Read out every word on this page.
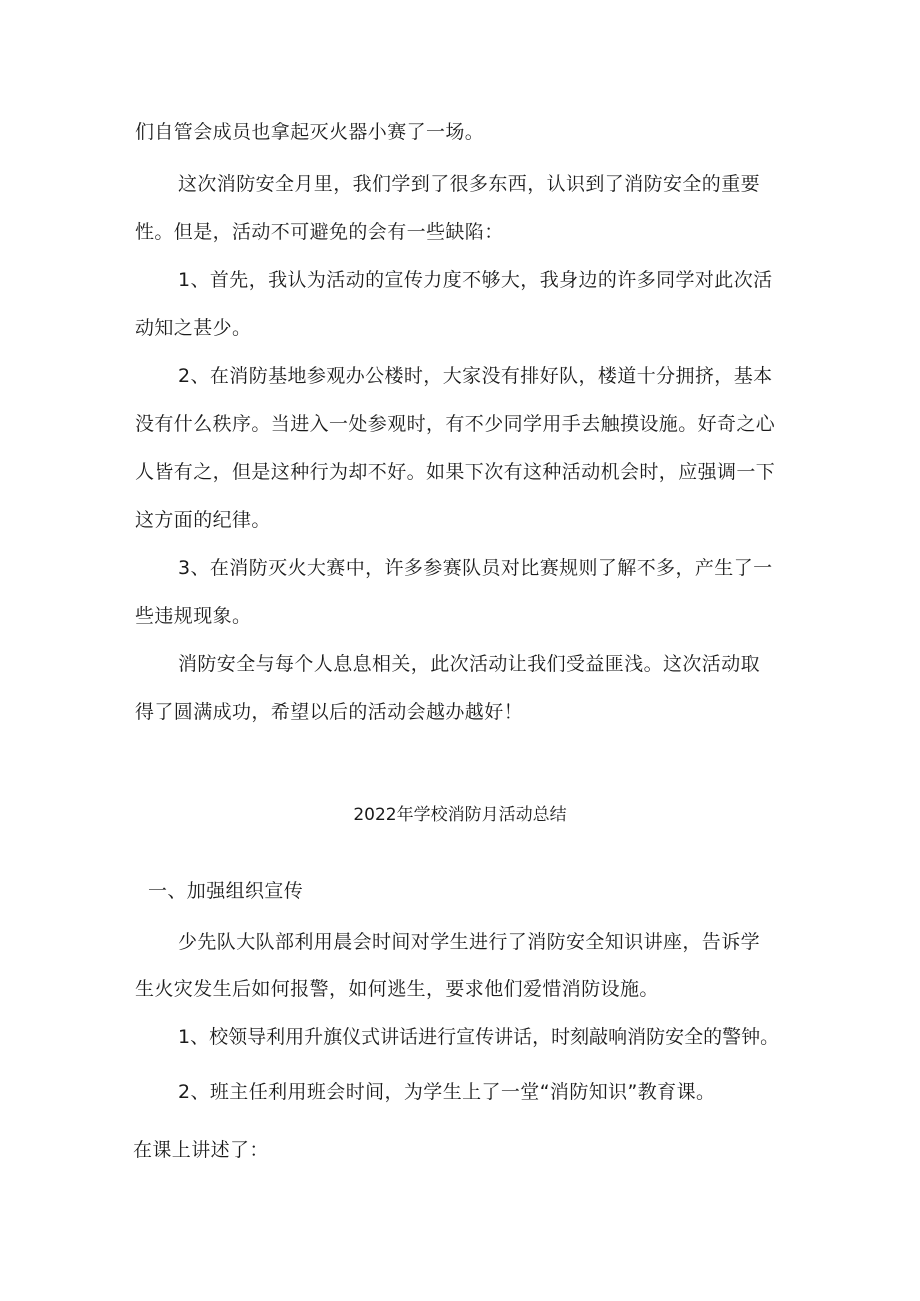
们自管会成员也拿起灭火器小赛了一场。
这次消防安全月里，我们学到了很多东西，认识到了消防安全的重要
性。但是，活动不可避免的会有一些缺陷：
1、首先，我认为活动的宣传力度不够大，我身边的许多同学对此次活
动知之甚少。
2、在消防基地参观办公楼时，大家没有排好队，楼道十分拥挤，基本
没有什么秩序。当进入一处参观时，有不少同学用手去触摸设施。好奇之心
人皆有之，但是这种行为却不好。如果下次有这种活动机会时，应强调一下
这方面的纪律。
3、在消防灭火大赛中，许多参赛队员对比赛规则了解不多，产生了一
些违规现象。
消防安全与每个人息息相关，此次活动让我们受益匪浅。这次活动取
得了圆满成功，希望以后的活动会越办越好！
2022年学校消防月活动总结
一、加强组织宣传
少先队大队部利用晨会时间对学生进行了消防安全知识讲座，告诉学
生火灾发生后如何报警，如何逃生，要求他们爱惜消防设施。
1、校领导利用升旗仪式讲话进行宣传讲话，时刻敲响消防安全的警钟。
2、班主任利用班会时间，为学生上了一堂“消防知识”教育课。
在课上讲述了：
